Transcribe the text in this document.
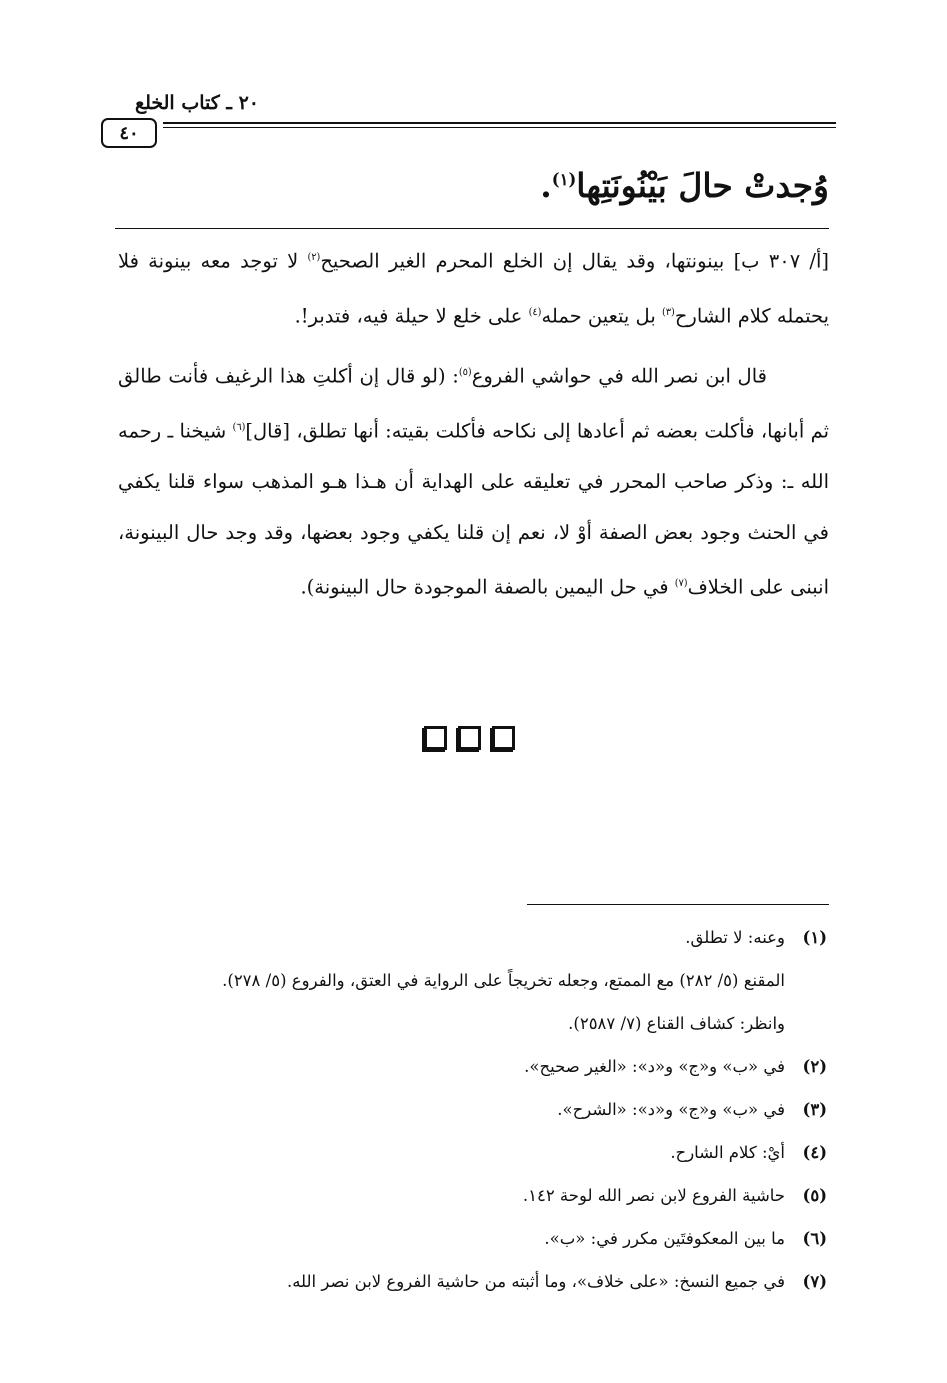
٢٠ ـ كتاب الخلع
٤٠
وُجدتْ حالَ بَيْنُونَتِها$^{(١)}$.

[أ/ ٣٠٧ ب] بينونتها، وقد يقال إن الخلع المحرم الغير الصحيح$^{(٢)}$ لا توجد معه بينونة فلا يحتمله كلام الشارح$^{(٣)}$ بل يتعين حمله$^{(٤)}$ على خلع لا حيلة فيه، فتدبر!.

قال ابن نصر الله في حواشي الفروع$^{(٥)}$: (لو قال إن أكلتِ هذا الرغيف فأنت طالق ثم أبانها، فأكلت بعضه ثم أعادها إلى نكاحه فأكلت بقيته: أنها تطلق، [قال]$^{(٦)}$ شيخنا ـ رحمه الله ـ: وذكر صاحب المحرر في تعليقه على الهداية أن هـذا هـو المذهب سواء قلنا يكفي في الحنث وجود بعض الصفة أوْ لا، نعم إن قلنا يكفي وجود بعضها، وقد وجد حال البينونة، انبنى على الخلاف$^{(٧)}$ في حل اليمين بالصفة الموجودة حال البينونة).

(١)
وعنه: لا تطلق.
المقنع (٥/ ٢٨٢) مع الممتع، وجعله تخريجاً على الرواية في العتق، والفروع (٥/ ٢٧٨).
وانظر: كشاف القناع (٧/ ٢٥٨٧).
(٢)
في «ب» و«ج» و«د»: «الغير صحيح».
(٣)
في «ب» و«ج» و«د»: «الشرح».
(٤)
أيْ: كلام الشارح.
(٥)
حاشية الفروع لابن نصر الله لوحة ١٤٢.
(٦)
ما بين المعكوفتَين مكرر في: «ب».
(٧)
في جميع النسخ: «على خلاف»، وما أثبته من حاشية الفروع لابن نصر الله.
